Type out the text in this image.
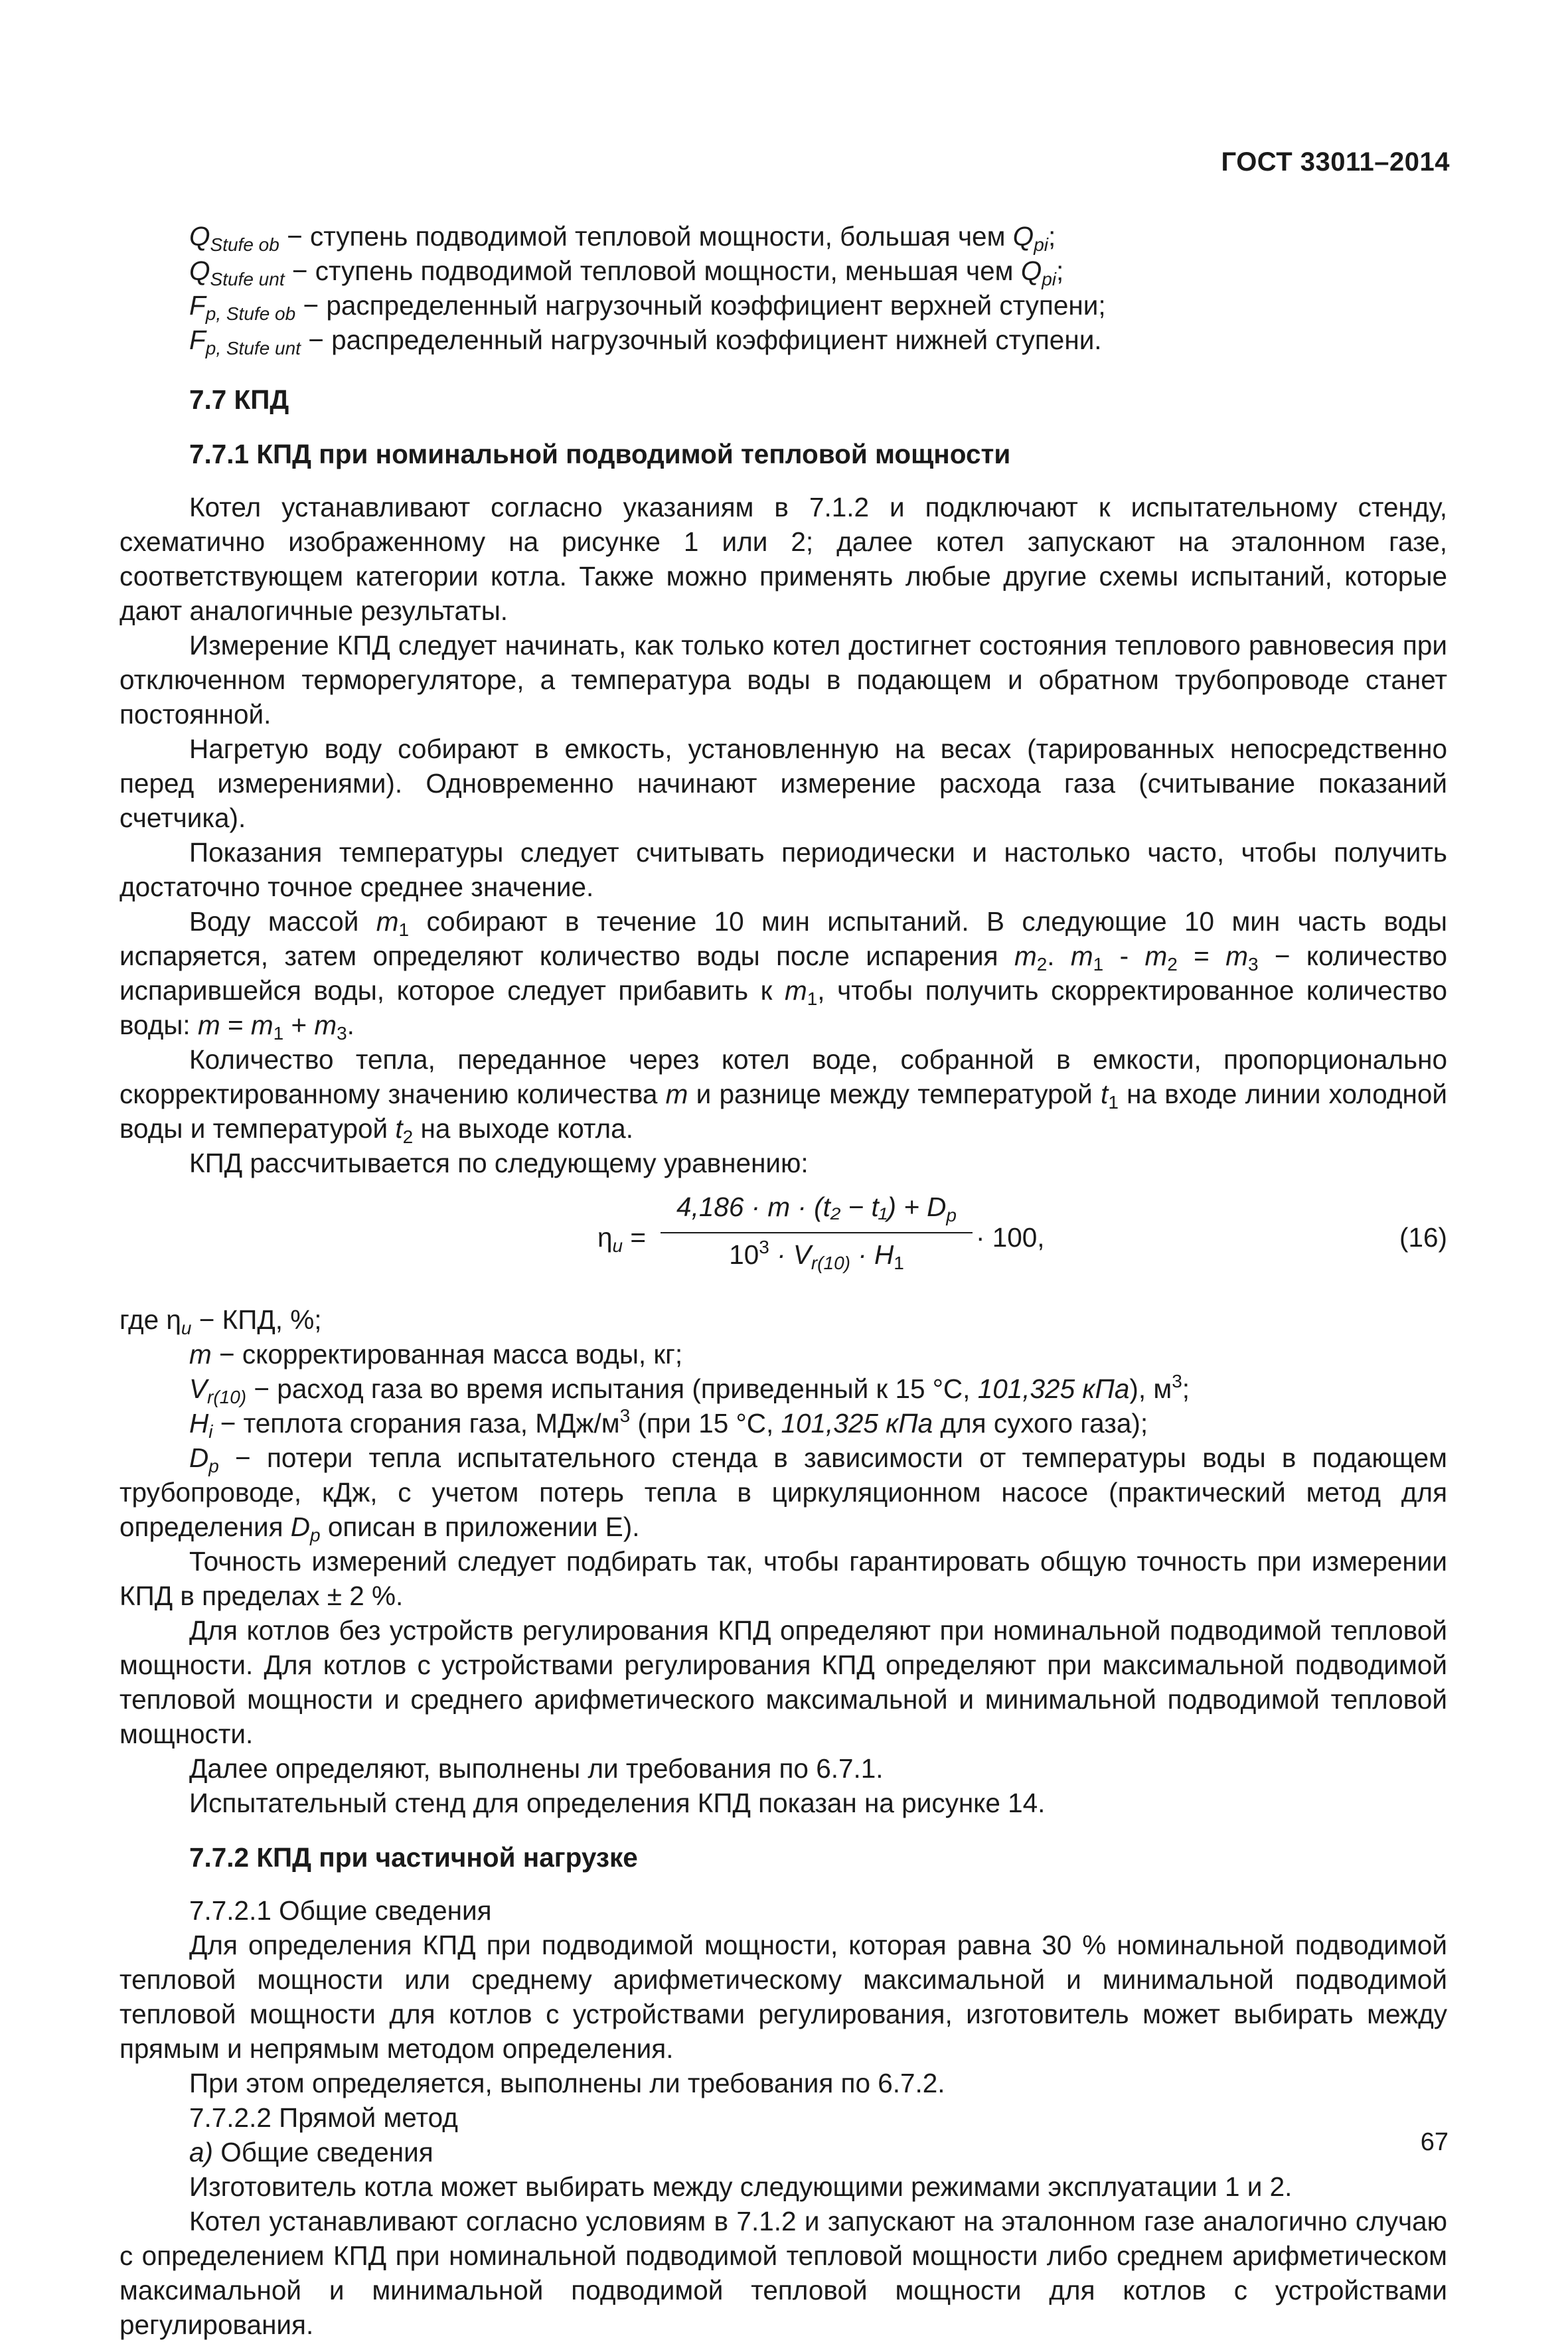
ГОСТ 33011–2014

$Q_{Stufe ob}$ − ступень подводимой тепловой мощности, большая чем $Q_{pi}$;

$Q_{Stufe unt}$ − ступень подводимой тепловой мощности, меньшая чем $Q_{pi}$;

$F_{p, Stufe ob}$ − распределенный нагрузочный коэффициент верхней ступени;

$F_{p, Stufe unt}$ − распределенный нагрузочный коэффициент нижней ступени.

7.7 КПД

7.7.1 КПД при номинальной подводимой тепловой мощности

Котел устанавливают согласно указаниям в 7.1.2 и подключают к испытательному стенду, схематично изображенному на рисунке 1 или 2; далее котел запускают на эталонном газе, соответствующем категории котла. Также можно применять любые другие схемы испытаний, которые дают аналогичные результаты.

Измерение КПД следует начинать, как только котел достигнет состояния теплового равновесия при отключенном терморегуляторе, а температура воды в подающем и обратном трубопроводе станет постоянной.

Нагретую воду собирают в емкость, установленную на весах (тарированных непосредственно перед измерениями). Одновременно начинают измерение расхода газа (считывание показаний счетчика).

Показания температуры следует считывать периодически и настолько часто, чтобы получить достаточно точное среднее значение.

Воду массой $m_1$ собирают в течение 10 мин испытаний. В следующие 10 мин часть воды испаряется, затем определяют количество воды после испарения $m_2$. $m_1 - m_2 = m_3$ − количество испарившейся воды, которое следует прибавить к $m_1$, чтобы получить скорректированное количество воды: $m = m_1 + m_3$.

Количество тепла, переданное через котел воде, собранной в емкости, пропорционально скорректированному значению количества m и разнице между температурой $t_1$ на входе линии холодной воды и температурой $t_2$ на выходе котла.

КПД рассчитывается по следующему уравнению:

$\eta_u$ =
$4,186 \cdot m \cdot (t_2 - t_1) + D_p$
$10^3 \cdot V_{r(10)} \cdot H_1$
· 100,	(16)

где $\eta_u$ − КПД, %;

m − скорректированная масса воды, кг;

$V_{r(10)}$ − расход газа во время испытания (приведенный к 15 °С, 101,325 кПа), $м^3$;

$H_i$ − теплота сгорания газа, МДж/$м^3$ (при 15 °С, 101,325 кПа для сухого газа);

$D_p$ − потери тепла испытательного стенда в зависимости от температуры воды в подающем трубопроводе, кДж, с учетом потерь тепла в циркуляционном насосе (практический метод для определения $D_p$ описан в приложении Е).

Точность измерений следует подбирать так, чтобы гарантировать общую точность при измерении КПД в пределах ± 2 %.

Для котлов без устройств регулирования КПД определяют при номинальной подводимой тепловой мощности. Для котлов с устройствами регулирования КПД определяют при максимальной подводимой тепловой мощности и среднего арифметического максимальной и минимальной подводимой тепловой мощности.

Далее определяют, выполнены ли требования по 6.7.1.

Испытательный стенд для определения КПД показан на рисунке 14.

7.7.2 КПД при частичной нагрузке

7.7.2.1 Общие сведения

Для определения КПД при подводимой мощности, которая равна 30 % номинальной подводимой тепловой мощности или среднему арифметическому максимальной и минимальной подводимой тепловой мощности для котлов с устройствами регулирования, изготовитель может выбирать между прямым и непрямым методом определения.

При этом определяется, выполнены ли требования по 6.7.2.

7.7.2.2 Прямой метод

а) Общие сведения

Изготовитель котла может выбирать между следующими режимами эксплуатации 1 и 2.

Котел устанавливают согласно условиям в 7.1.2 и запускают на эталонном газе аналогично случаю с определением КПД при номинальной подводимой тепловой мощности либо среднем арифметическом максимальной и минимальной подводимой тепловой мощности для котлов с устройствами регулирования.

67
